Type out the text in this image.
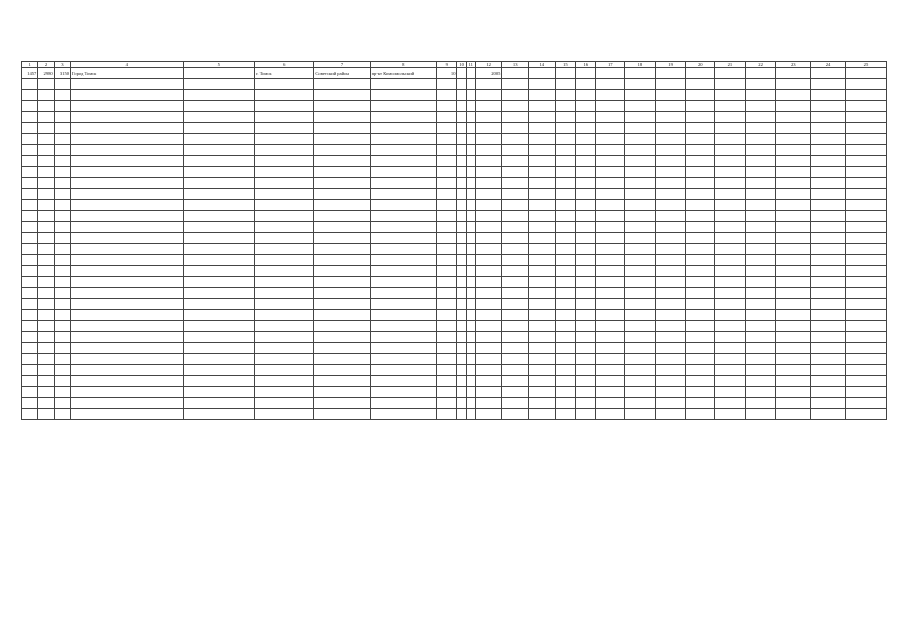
1	2	3	4	5	6	7	8	9	10	11	12	13	14	15	16	17	18	19	20	21	22	23	24	25
1457	2980	3150	Город Томск		г. Томск	Советский район	пр-кт Комсомольский	10			2005													
